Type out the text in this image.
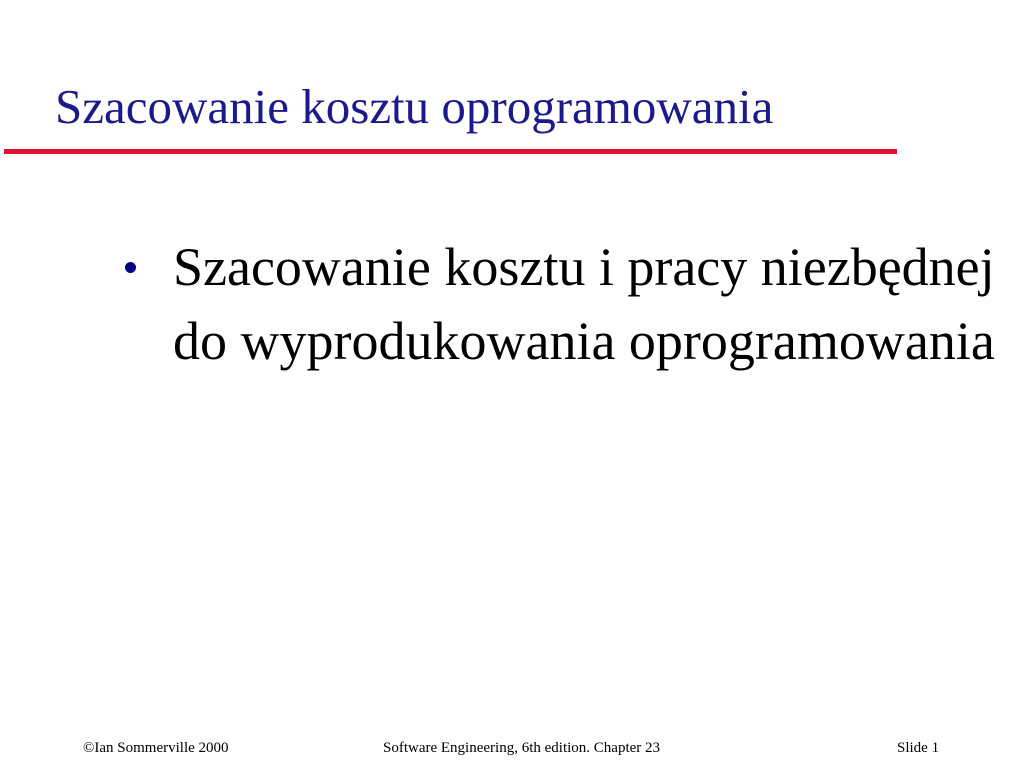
Szacowanie kosztu oprogramowania

Szacowanie kosztu i pracy niezbędnej do wyprodukowania oprogramowania

©Ian Sommerville 2000	Software Engineering, 6th edition. Chapter 23	Slide 1
